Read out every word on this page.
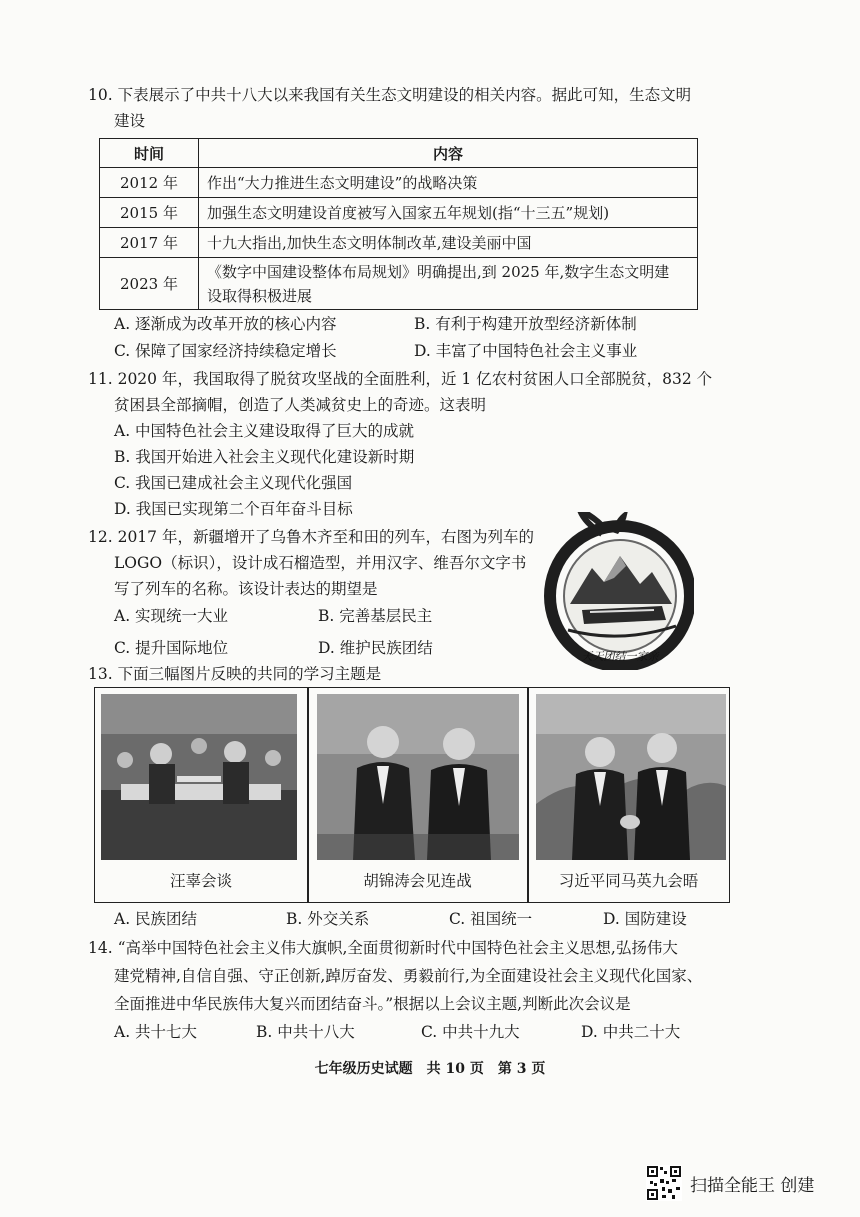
10. 下表展示了中共十八大以来我国有关生态文明建设的相关内容。据此可知，生态文明
建设
时间	内容
2012 年	作出“大力推进生态文明建设”的战略决策
2015 年	加强生态文明建设首度被写入国家五年规划(指“十三五”规划)
2017 年	十九大指出,加快生态文明体制改革,建设美丽中国
2023 年	《数字中国建设整体布局规划》明确提出,到 2025 年,数字生态文明建
设取得积极进展
A. 逐渐成为改革开放的核心内容	B. 有利于构建开放型经济新体制
C. 保障了国家经济持续稳定增长	D. 丰富了中国特色社会主义事业
11. 2020 年，我国取得了脱贫攻坚战的全面胜利，近 1 亿农村贫困人口全部脱贫，832 个
贫困县全部摘帽，创造了人类减贫史上的奇迹。这表明
A. 中国特色社会主义建设取得了巨大的成就
B. 我国开始进入社会主义现代化建设新时期
C. 我国已建成社会主义现代化强国
D. 我国已实现第二个百年奋斗目标
12. 2017 年，新疆增开了乌鲁木齐至和田的列车，右图为列车的
LOGO（标识），设计成石榴造型，并用汉字、维吾尔文字书
写了列车的名称。该设计表达的期望是
A. 实现统一大业	B. 完善基层民主
C. 提升国际地位	D. 维护民族团结	天天团结一家亲
13. 下面三幅图片反映的共同的学习主题是
汪辜会谈	胡锦涛会见连战	习近平同马英九会晤
A. 民族团结	B. 外交关系	C. 祖国统一	D. 国防建设
14. “高举中国特色社会主义伟大旗帜,全面贯彻新时代中国特色社会主义思想,弘扬伟大
建党精神,自信自强、守正创新,踔厉奋发、勇毅前行,为全面建设社会主义现代化国家、
全面推进中华民族伟大复兴而团结奋斗。”根据以上会议主题,判断此次会议是
A. 共十七大	B. 中共十八大	C. 中共十九大	D. 中共二十大
七年级历史试题　共 10 页　第 3 页
扫描全能王 创建
